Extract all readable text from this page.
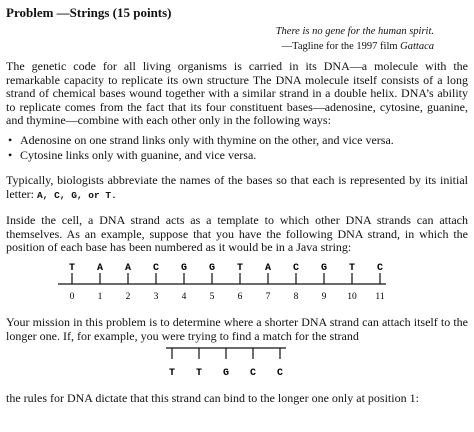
Problem —Strings (15 points)
There is no gene for the human spirit.
—Tagline for the 1997 film Gattaca
The genetic code for all living organisms is carried in its DNA—a molecule with the remarkable capacity to replicate its own structure The DNA molecule itself consists of a long strand of chemical bases wound together with a similar strand in a double helix. DNA’s ability to replicate comes from the fact that its four constituent bases—adenosine, cytosine, guanine, and thymine—combine with each other only in the following ways:
• Adenosine on one strand links only with thymine on the other, and vice versa.
• Cytosine links only with guanine, and vice versa.
Typically, biologists abbreviate the names of the bases so that each is represented by its initial letter: A, C, G, or T.
Inside the cell, a DNA strand acts as a template to which other DNA strands can attach themselves. As an example, suppose that you have the following DNA strand, in which the position of each base has been numbered as it would be in a Java string:
T
0
A
1
A
2
C
3
G
4
G
5
T
6
A
7
C
8
G
9
T
10
C
11
T T G C C
Your mission in this problem is to determine where a shorter DNA strand can attach itself to the longer one. If, for example, you were trying to find a match for the strand
the rules for DNA dictate that this strand can bind to the longer one only at position 1:
